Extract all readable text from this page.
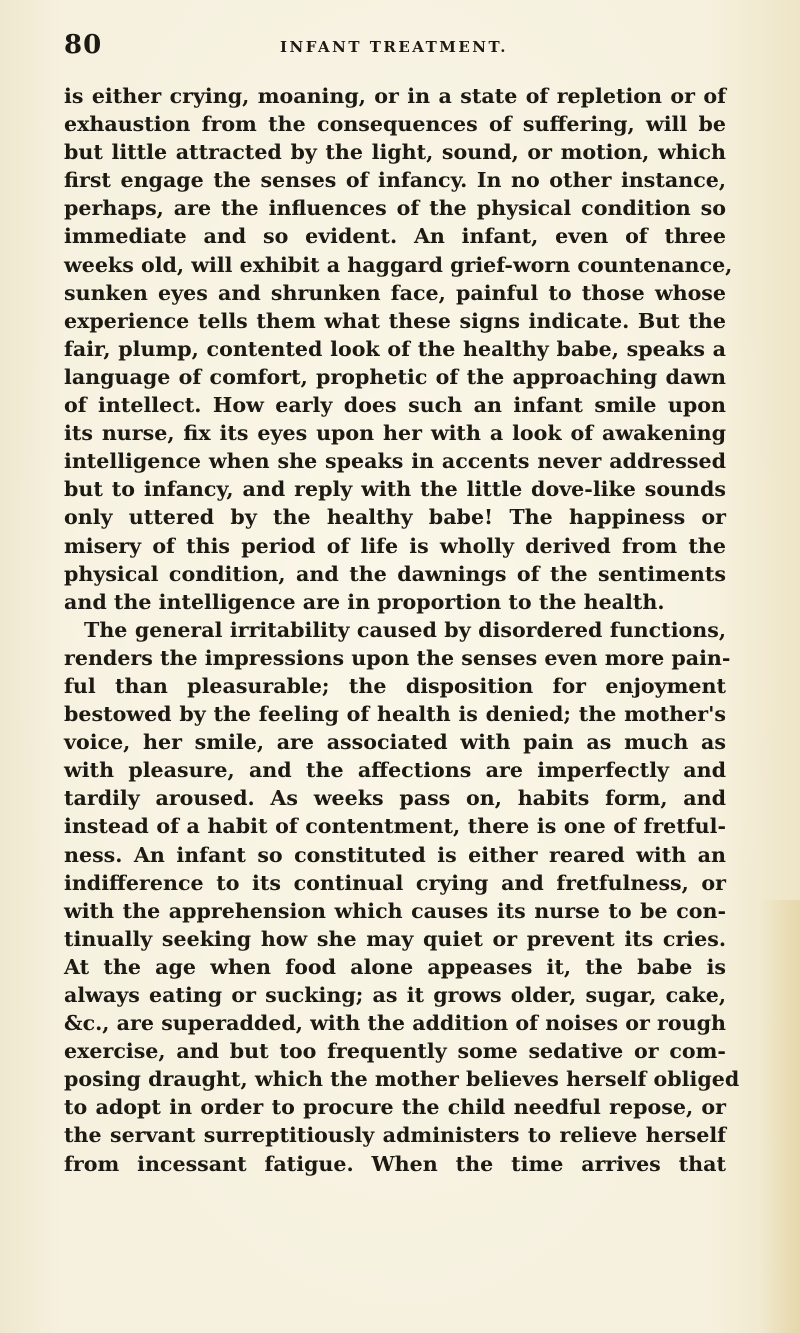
80	INFANT TREATMENT.
is either crying, moaning, or in a state of repletion or of
exhaustion from the consequences of suffering, will be
but little attracted by the light, sound, or motion, which
first engage the senses of infancy. In no other instance,
perhaps, are the influences of the physical condition so
immediate and so evident. An infant, even of three
weeks old, will exhibit a haggard grief-worn countenance,
sunken eyes and shrunken face, painful to those whose
experience tells them what these signs indicate. But the
fair, plump, contented look of the healthy babe, speaks a
language of comfort, prophetic of the approaching dawn
of intellect. How early does such an infant smile upon
its nurse, fix its eyes upon her with a look of awakening
intelligence when she speaks in accents never addressed
but to infancy, and reply with the little dove-like sounds
only uttered by the healthy babe! The happiness or
misery of this period of life is wholly derived from the
physical condition, and the dawnings of the sentiments
and the intelligence are in proportion to the health.
The general irritability caused by disordered functions,
renders the impressions upon the senses even more pain-
ful than pleasurable; the disposition for enjoyment
bestowed by the feeling of health is denied; the mother's
voice, her smile, are associated with pain as much as
with pleasure, and the affections are imperfectly and
tardily aroused. As weeks pass on, habits form, and
instead of a habit of contentment, there is one of fretful-
ness. An infant so constituted is either reared with an
indifference to its continual crying and fretfulness, or
with the apprehension which causes its nurse to be con-
tinually seeking how she may quiet or prevent its cries.
At the age when food alone appeases it, the babe is
always eating or sucking; as it grows older, sugar, cake,
&c., are superadded, with the addition of noises or rough
exercise, and but too frequently some sedative or com-
posing draught, which the mother believes herself obliged
to adopt in order to procure the child needful repose, or
the servant surreptitiously administers to relieve herself
from incessant fatigue. When the time arrives that
